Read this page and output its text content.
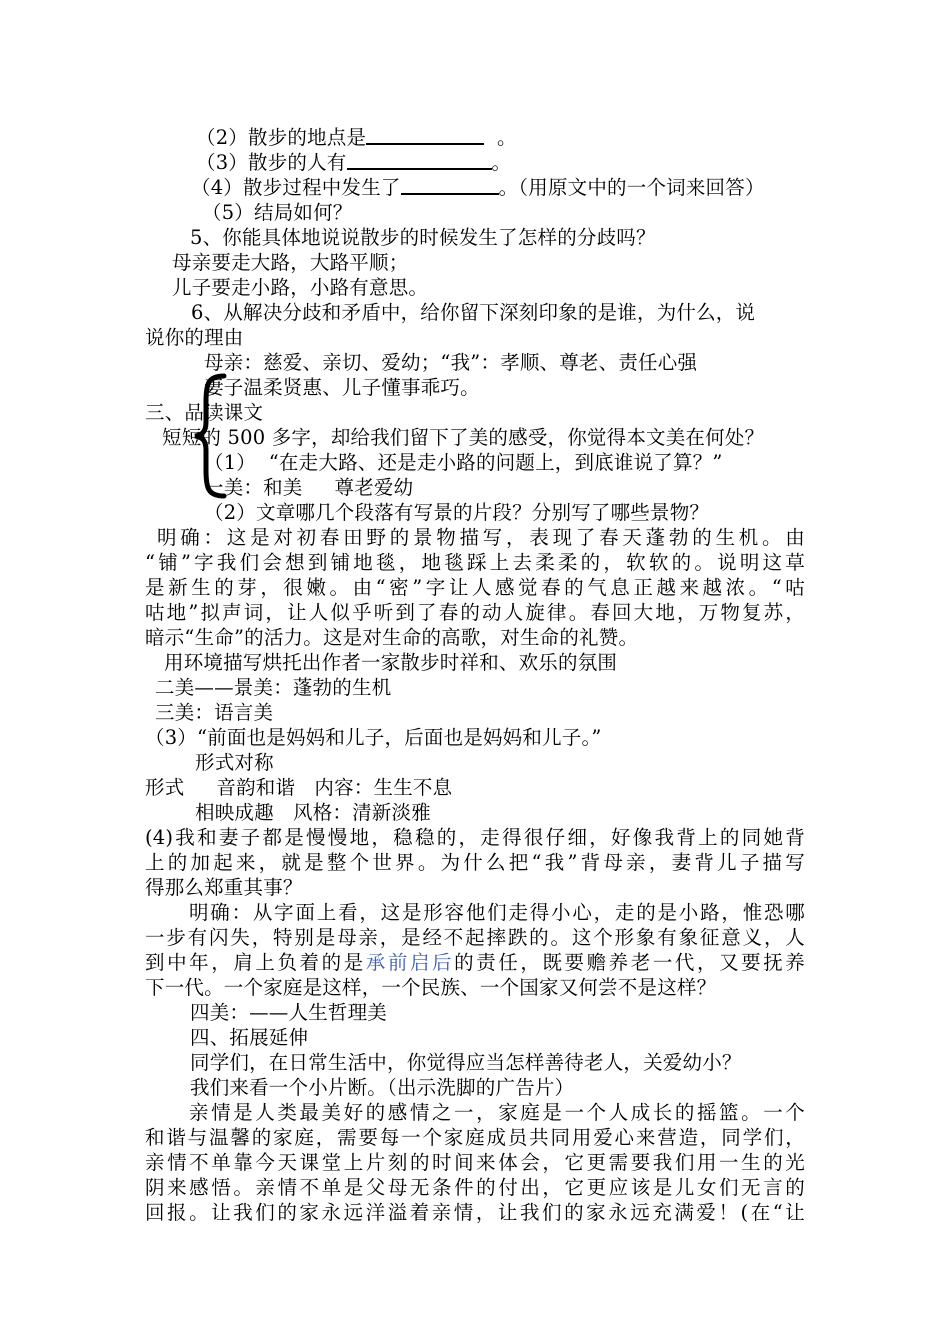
（2）散步的地点是	。
（3）散步的人有	。
（4）散步过程中发生了	。（用原文中的一个词来回答）
（5）结局如何？
5、你能具体地说说散步的时候发生了怎样的分歧吗？
母亲要走大路，大路平顺；
儿子要走小路，小路有意思。
6、从解决分歧和矛盾中，给你留下深刻印象的是谁，为什么，说
说你的理由
母亲：慈爱、亲切、爱幼；“我”：孝顺、尊老、责任心强
妻子温柔贤惠、儿子懂事乖巧。
三、品读课文
短短的 500 多字，却给我们留下了美的感受，你觉得本文美在何处？
（1）  “在走大路、还是走小路的问题上，到底谁说了算？”
一美：和美     尊老爱幼
（2）文章哪几个段落有写景的片段？分别写了哪些景物？
明确：这是对初春田野的景物描写，表现了春天蓬勃的生机。由
“铺”字我们会想到铺地毯，地毯踩上去柔柔的，软软的。说明这草
是新生的芽，很嫩。由“密”字让人感觉春的气息正越来越浓。“咕
咕地”拟声词，让人似乎听到了春的动人旋律。春回大地，万物复苏，
暗示“生命”的活力。这是对生命的高歌，对生命的礼赞。
用环境描写烘托出作者一家散步时祥和、欢乐的氛围
二美——景美：蓬勃的生机
三美：语言美
（3）“前面也是妈妈和儿子，后面也是妈妈和儿子。”
形式对称
形式     音韵和谐   内容：生生不息
相映成趣   风格：清新淡雅
(4)我和妻子都是慢慢地，稳稳的，走得很仔细，好像我背上的同她背
上的加起来，就是整个世界。为什么把“我”背母亲，妻背儿子描写
得那么郑重其事？
明确：从字面上看，这是形容他们走得小心，走的是小路，惟恐哪
一步有闪失，特别是母亲，是经不起摔跌的。这个形象有象征意义，人
到中年，肩上负着的是承前启后的责任，既要赡养老一代，又要抚养
下一代。一个家庭是这样，一个民族、一个国家又何尝不是这样？
四美：——人生哲理美
四、拓展延伸
同学们，在日常生活中，你觉得应当怎样善待老人，关爱幼小？
我们来看一个小片断。（出示洗脚的广告片）
亲情是人类最美好的感情之一，家庭是一个人成长的摇篮。一个
和谐与温馨的家庭，需要每一个家庭成员共同用爱心来营造，同学们，
亲情不单靠今天课堂上片刻的时间来体会，它更需要我们用一生的光
阴来感悟。亲情不单是父母无条件的付出，它更应该是儿女们无言的
回报。让我们的家永远洋溢着亲情，让我们的家永远充满爱！(在“让
